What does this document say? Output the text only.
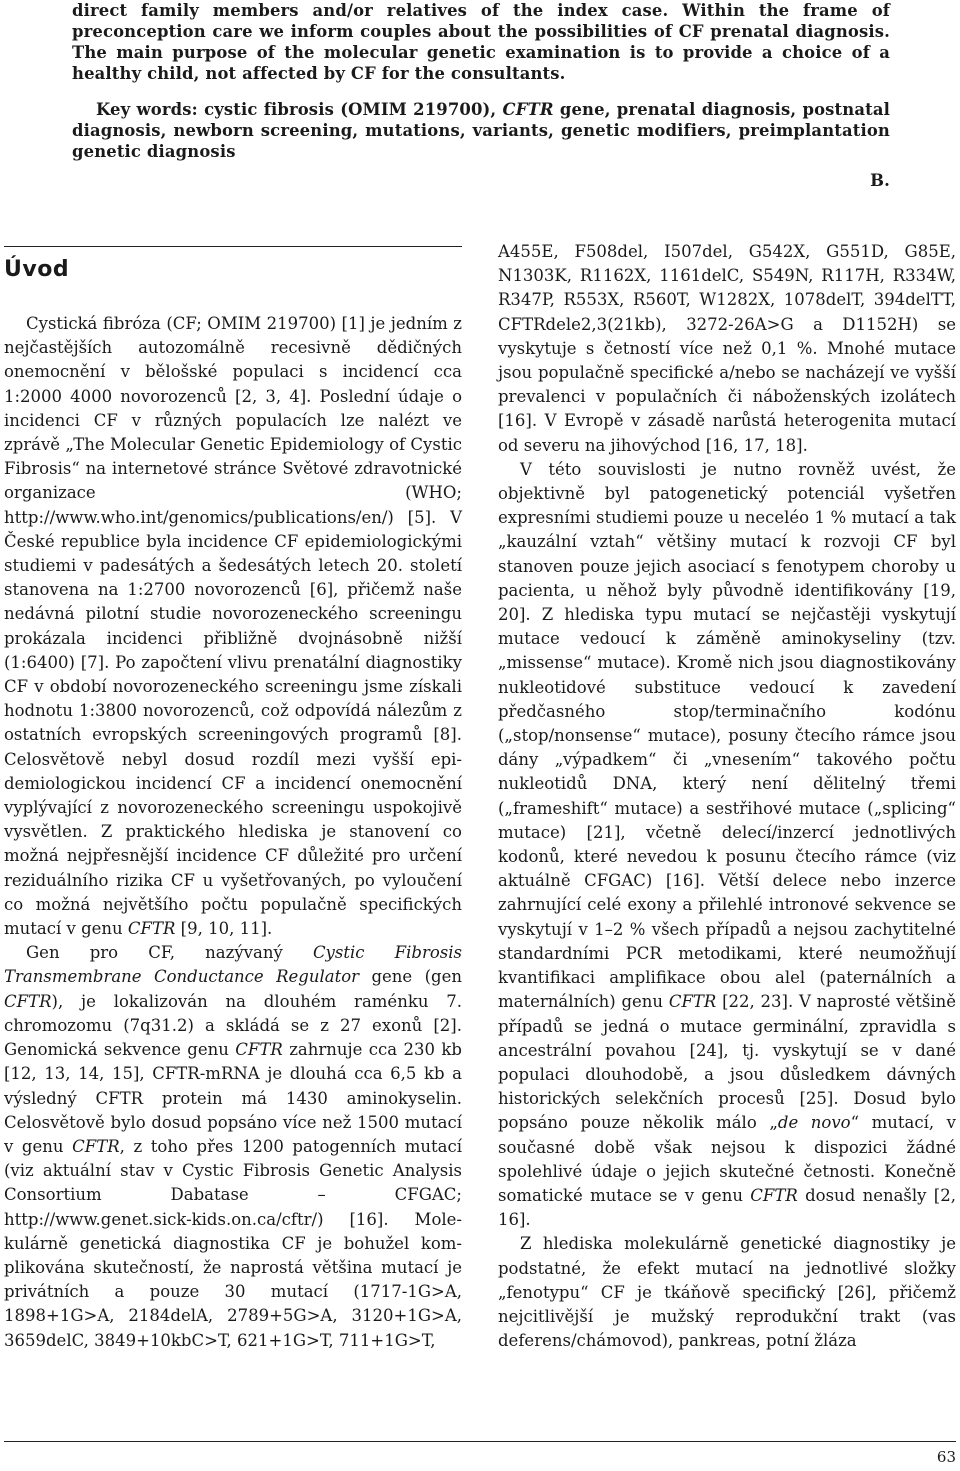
direct family members and/or relatives of the index case. Within the frame of preconception care we inform couples about the possibilities of CF prenatal diagnosis. The main purpose of the molecular genetic examination is to provide a choice of a healthy child, not affected by CF for the consultants.

Key words: cystic fibrosis (OMIM 219700), CFTR gene, prenatal diagnosis, postnatal diagnosis, newborn screening, mutations, variants, genetic modifiers, preimplantation genetic diagnosis

B.

Úvod

Cystická fibróza (CF; OMIM 219700) [1] je jedním z nejčastějších autozomálně recesivně dědičných onemocnění v bělošské populaci s incidencí cca 1:2000 4000 novorozenců [2, 3, 4]. Poslední údaje o incidenci CF v různých populacích lze nalézt ve zprávě „The Molecular Genetic Epidemiology of Cystic Fibrosis“ na internetové stránce Světové zdravotnické organizace (WHO; http://www.who.int/genomics/publications/en/) [5]. V České republice byla incidence CF epidemiologickými studiemi v padesátých a šedesátých letech 20. století stanovena na 1:2700 novorozenců [6], přičemž naše nedávná pilotní studie novorozeneckého screeningu prokázala incidenci přibližně dvojnásobně nižší (1:6400) [7]. Po započtení vlivu prenatální diagnostiky CF v období novorozeneckého screeningu jsme získali hodnotu 1:3800 novorozenců, což odpovídá nálezům z ostatních evropských screeningových programů [8]. Celosvětově nebyl dosud rozdíl mezi vyšší epidemiologickou incidencí CF a incidencí onemocnění vyplývající z novorozeneckého screeningu uspokojivě vysvětlen. Z praktického hlediska je stanovení co možná nejpřesnější incidence CF důležité pro určení reziduálního rizika CF u vyšetřovaných, po vyloučení co možná největšího počtu populačně specifických mutací v genu CFTR [9, 10, 11].

Gen pro CF, nazývaný Cystic Fibrosis Transmembrane Conductance Regulator gene (gen CFTR), je lokalizován na dlouhém raménku 7. chromozomu (7q31.2) a skládá se z 27 exonů [2]. Genomická sekvence genu CFTR zahrnuje cca 230 kb [12, 13, 14, 15], CFTR-mRNA je dlouhá cca 6,5 kb a výsledný CFTR protein má 1430 aminokyselin. Celosvětově bylo dosud popsáno více než 1500 mutací v genu CFTR, z toho přes 1200 patogenních mutací (viz aktuální stav v Cystic Fibrosis Genetic Analysis Consortium Dabatase – CFGAC; http://www.genet.sick-kids.on.ca/cftr/) [16]. Molekulárně genetická diagnostika CF je bohužel komplikována skutečností, že naprostá většina mutací je privátních a pouze 30 mutací (1717-1G>A, 1898+1G>A, 2184delA, 2789+5G>A, 3120+1G>A, 3659delC, 3849+10kbC>T, 621+1G>T, 711+1G>T,

A455E, F508del, I507del, G542X, G551D, G85E, N1303K, R1162X, 1161delC, S549N, R117H, R334W, R347P, R553X, R560T, W1282X, 1078delT, 394delTT, CFTRdele2,3(21kb), 3272-26A>G a D1152H) se vyskytuje s četností více než 0,1 %. Mnohé mutace jsou populačně specifické a/nebo se nacházejí ve vyšší prevalenci v populačních či náboženských izolátech [16]. V Evropě v zásadě narůstá heterogenita mutací od severu na jihovýchod [16, 17, 18].

V této souvislosti je nutno rovněž uvést, že objektivně byl patogenetický potenciál vyšetřen expresními studiemi pouze u neceléo 1 % mutací a tak „kauzální vztah“ většiny mutací k rozvoji CF byl stanoven pouze jejich asociací s fenotypem choroby u pacienta, u něhož byly původně identifikovány [19, 20]. Z hlediska typu mutací se nejčastěji vyskytují mutace vedoucí k záměně aminokyseliny (tzv. „missense“ mutace). Kromě nich jsou diagnostikovány nukleotidové substituce vedoucí k zavedení předčasného stop/terminačního kodónu („stop/nonsense“ mutace), posuny čtecího rámce jsou dány „výpadkem“ či „vnesením“ takového počtu nukleotidů DNA, který není dělitelný třemi („frameshift“ mutace) a sestřihové mutace („splicing“ mutace) [21], včetně delecí/inzercí jednotlivých kodonů, které nevedou k posunu čtecího rámce (viz aktuálně CFGAC) [16]. Větší delece nebo inzerce zahrnující celé exony a přilehlé intronové sekvence se vyskytují v 1–2 % všech případů a nejsou zachytitelné standardními PCR metodikami, které neumožňují kvantifikaci amplifikace obou alel (paternálních a maternálních) genu CFTR [22, 23]. V naprosté většině případů se jedná o mutace germinální, zpravidla s ancestrální povahou [24], tj. vyskytují se v dané populaci dlouhodobě, a jsou důsledkem dávných historických selekčních procesů [25]. Dosud bylo popsáno pouze několik málo „de novo“ mutací, v současné době však nejsou k dispozici žádné spolehlivé údaje o jejich skutečné četnosti. Konečně somatické mutace se v genu CFTR dosud nenašly [2, 16].

Z hlediska molekulárně genetické diagnostiky je podstatné, že efekt mutací na jednotlivé složky „fenotypu“ CF je tkáňově specifický [26], přičemž nejcitlivější je mužský reprodukční trakt (vas deferens/chámovod), pankreas, potní žláza

63
